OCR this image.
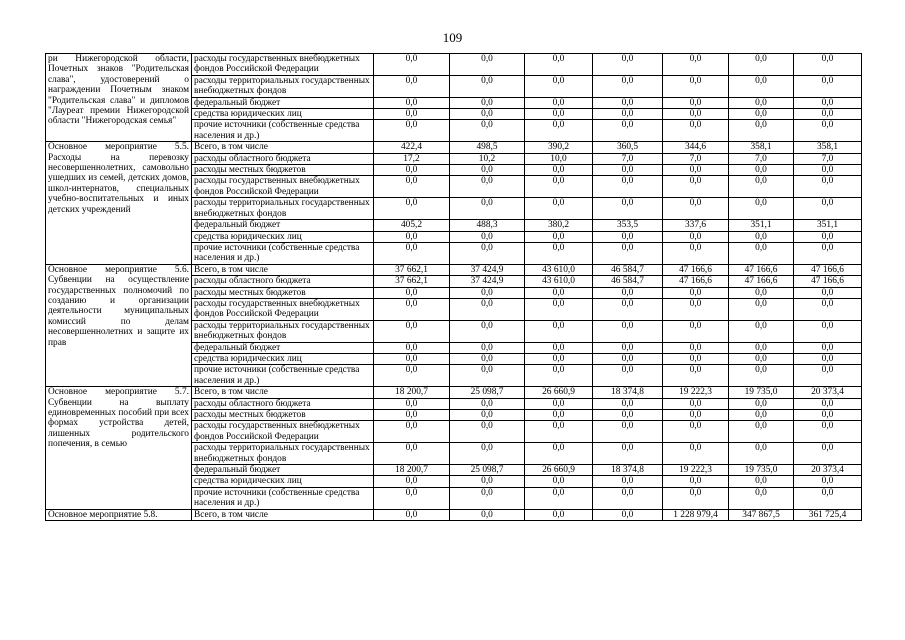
109
ри Нижегородской области, Почетных знаков "Родительская слава", удостоверений о награждении Почетным знаком "Родительская слава" и дипломов "Лауреат премии Нижегородской области "Нижегородская семья"	расходы государственных внебюджетных фондов Российской Федерации	0,0	0,0	0,0	0,0	0,0	0,0	0,0
	расходы территориальных государственных внебюджетных фондов	0,0	0,0	0,0	0,0	0,0	0,0	0,0
	федеральный бюджет	0,0	0,0	0,0	0,0	0,0	0,0	0,0
	средства юридических лиц	0,0	0,0	0,0	0,0	0,0	0,0	0,0
	прочие источники (собственные средства населения и др.)	0,0	0,0	0,0	0,0	0,0	0,0	0,0
Основное мероприятие 5.5. Расходы на перевозку несовершеннолетних, самовольно ушедших из семей, детских домов, школ-интернатов, специальных учебно-воспитательных и иных детских учреждений	Всего, в том числе	422,4	498,5	390,2	360,5	344,6	358,1	358,1
	расходы областного бюджета	17,2	10,2	10,0	7,0	7,0	7,0	7,0
	расходы местных бюджетов	0,0	0,0	0,0	0,0	0,0	0,0	0,0
	расходы государственных внебюджетных фондов Российской Федерации	0,0	0,0	0,0	0,0	0,0	0,0	0,0
	расходы территориальных государственных внебюджетных фондов	0,0	0,0	0,0	0,0	0,0	0,0	0,0
	федеральный бюджет	405,2	488,3	380,2	353,5	337,6	351,1	351,1
	средства юридических лиц	0,0	0,0	0,0	0,0	0,0	0,0	0,0
	прочие источники (собственные средства населения и др.)	0,0	0,0	0,0	0,0	0,0	0,0	0,0
Основное мероприятие 5.6. Субвенции на осуществление государственных полномочий по созданию и организации деятельности муниципальных комиссий по делам несовершеннолетних и защите их прав	Всего, в том числе	37 662,1	37 424,9	43 610,0	46 584,7	47 166,6	47 166,6	47 166,6
	расходы областного бюджета	37 662,1	37 424,9	43 610,0	46 584,7	47 166,6	47 166,6	47 166,6
	расходы местных бюджетов	0,0	0,0	0,0	0,0	0,0	0,0	0,0
	расходы государственных внебюджетных фондов Российской Федерации	0,0	0,0	0,0	0,0	0,0	0,0	0,0
	расходы территориальных государственных внебюджетных фондов	0,0	0,0	0,0	0,0	0,0	0,0	0,0
	федеральный бюджет	0,0	0,0	0,0	0,0	0,0	0,0	0,0
	средства юридических лиц	0,0	0,0	0,0	0,0	0,0	0,0	0,0
	прочие источники (собственные средства населения и др.)	0,0	0,0	0,0	0,0	0,0	0,0	0,0
Основное мероприятие 5.7. Субвенции на выплату единовременных пособий при всех формах устройства детей, лишенных родительского попечения, в семью	Всего, в том числе	18 200,7	25 098,7	26 660,9	18 374,8	19 222,3	19 735,0	20 373,4
	расходы областного бюджета	0,0	0,0	0,0	0,0	0,0	0,0	0,0
	расходы местных бюджетов	0,0	0,0	0,0	0,0	0,0	0,0	0,0
	расходы государственных внебюджетных фондов Российской Федерации	0,0	0,0	0,0	0,0	0,0	0,0	0,0
	расходы территориальных государственных внебюджетных фондов	0,0	0,0	0,0	0,0	0,0	0,0	0,0
	федеральный бюджет	18 200,7	25 098,7	26 660,9	18 374,8	19 222,3	19 735,0	20 373,4
	средства юридических лиц	0,0	0,0	0,0	0,0	0,0	0,0	0,0
	прочие источники (собственные средства населения и др.)	0,0	0,0	0,0	0,0	0,0	0,0	0,0
Основное мероприятие 5.8.	Всего, в том числе	0,0	0,0	0,0	0,0	1 228 979,4	347 867,5	361 725,4
